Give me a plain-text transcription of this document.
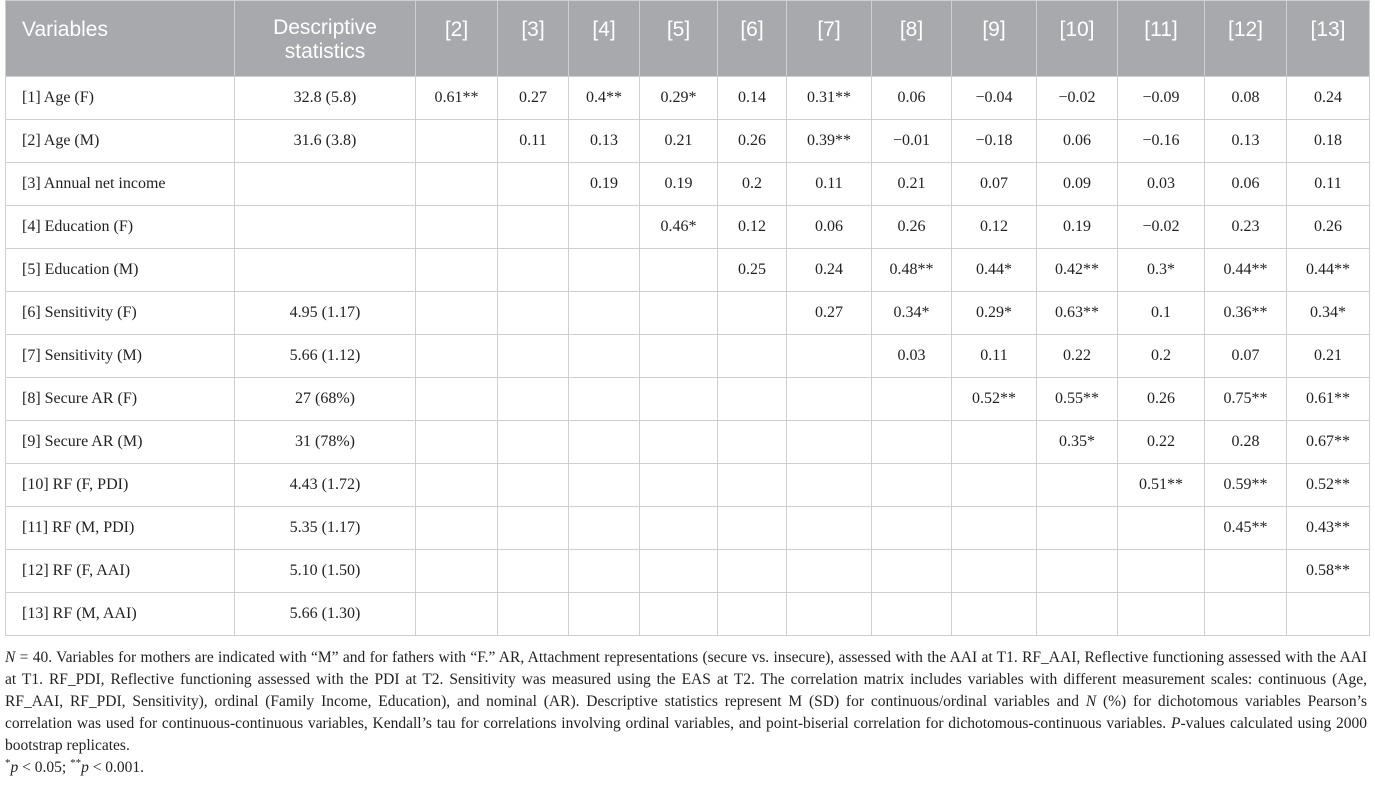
Variables	Descriptive statistics	[2]	[3]	[4]	[5]	[6]	[7]	[8]	[9]	[10]	[11]	[12]	[13]
[1] Age (F)	32.8 (5.8)	0.61**	0.27	0.4**	0.29*	0.14	0.31**	0.06	−0.04	−0.02	−0.09	0.08	0.24
[2] Age (M)	31.6 (3.8)		0.11	0.13	0.21	0.26	0.39**	−0.01	−0.18	0.06	−0.16	0.13	0.18
[3] Annual net income				0.19	0.19	0.2	0.11	0.21	0.07	0.09	0.03	0.06	0.11
[4] Education (F)					0.46*	0.12	0.06	0.26	0.12	0.19	−0.02	0.23	0.26
[5] Education (M)						0.25	0.24	0.48**	0.44*	0.42**	0.3*	0.44**	0.44**
[6] Sensitivity (F)	4.95 (1.17)						0.27	0.34*	0.29*	0.63**	0.1	0.36**	0.34*
[7] Sensitivity (M)	5.66 (1.12)							0.03	0.11	0.22	0.2	0.07	0.21
[8] Secure AR (F)	27 (68%)								0.52**	0.55**	0.26	0.75**	0.61**
[9] Secure AR (M)	31 (78%)									0.35*	0.22	0.28	0.67**
[10] RF (F, PDI)	4.43 (1.72)										0.51**	0.59**	0.52**
[11] RF (M, PDI)	5.35 (1.17)											0.45**	0.43**
[12] RF (F, AAI)	5.10 (1.50)												0.58**
[13] RF (M, AAI)	5.66 (1.30)												

N = 40. Variables for mothers are indicated with “M” and for fathers with “F.” AR, Attachment representations (secure vs. insecure), assessed with the AAI at T1. RF_AAI, Reflective functioning assessed with the AAI at T1. RF_PDI, Reflective functioning assessed with the PDI at T2. Sensitivity was measured using the EAS at T2. The correlation matrix includes variables with different measurement scales: continuous (Age, RF_AAI, RF_PDI, Sensitivity), ordinal (Family Income, Education), and nominal (AR). Descriptive statistics represent M (SD) for continuous/ordinal variables and N (%) for dichotomous variables Pearson’s correlation was used for continuous-continuous variables, Kendall’s tau for correlations involving ordinal variables, and point-biserial correlation for dichotomous-continuous variables. P-values calculated using 2000 bootstrap replicates.

*p < 0.05; **p < 0.001.
